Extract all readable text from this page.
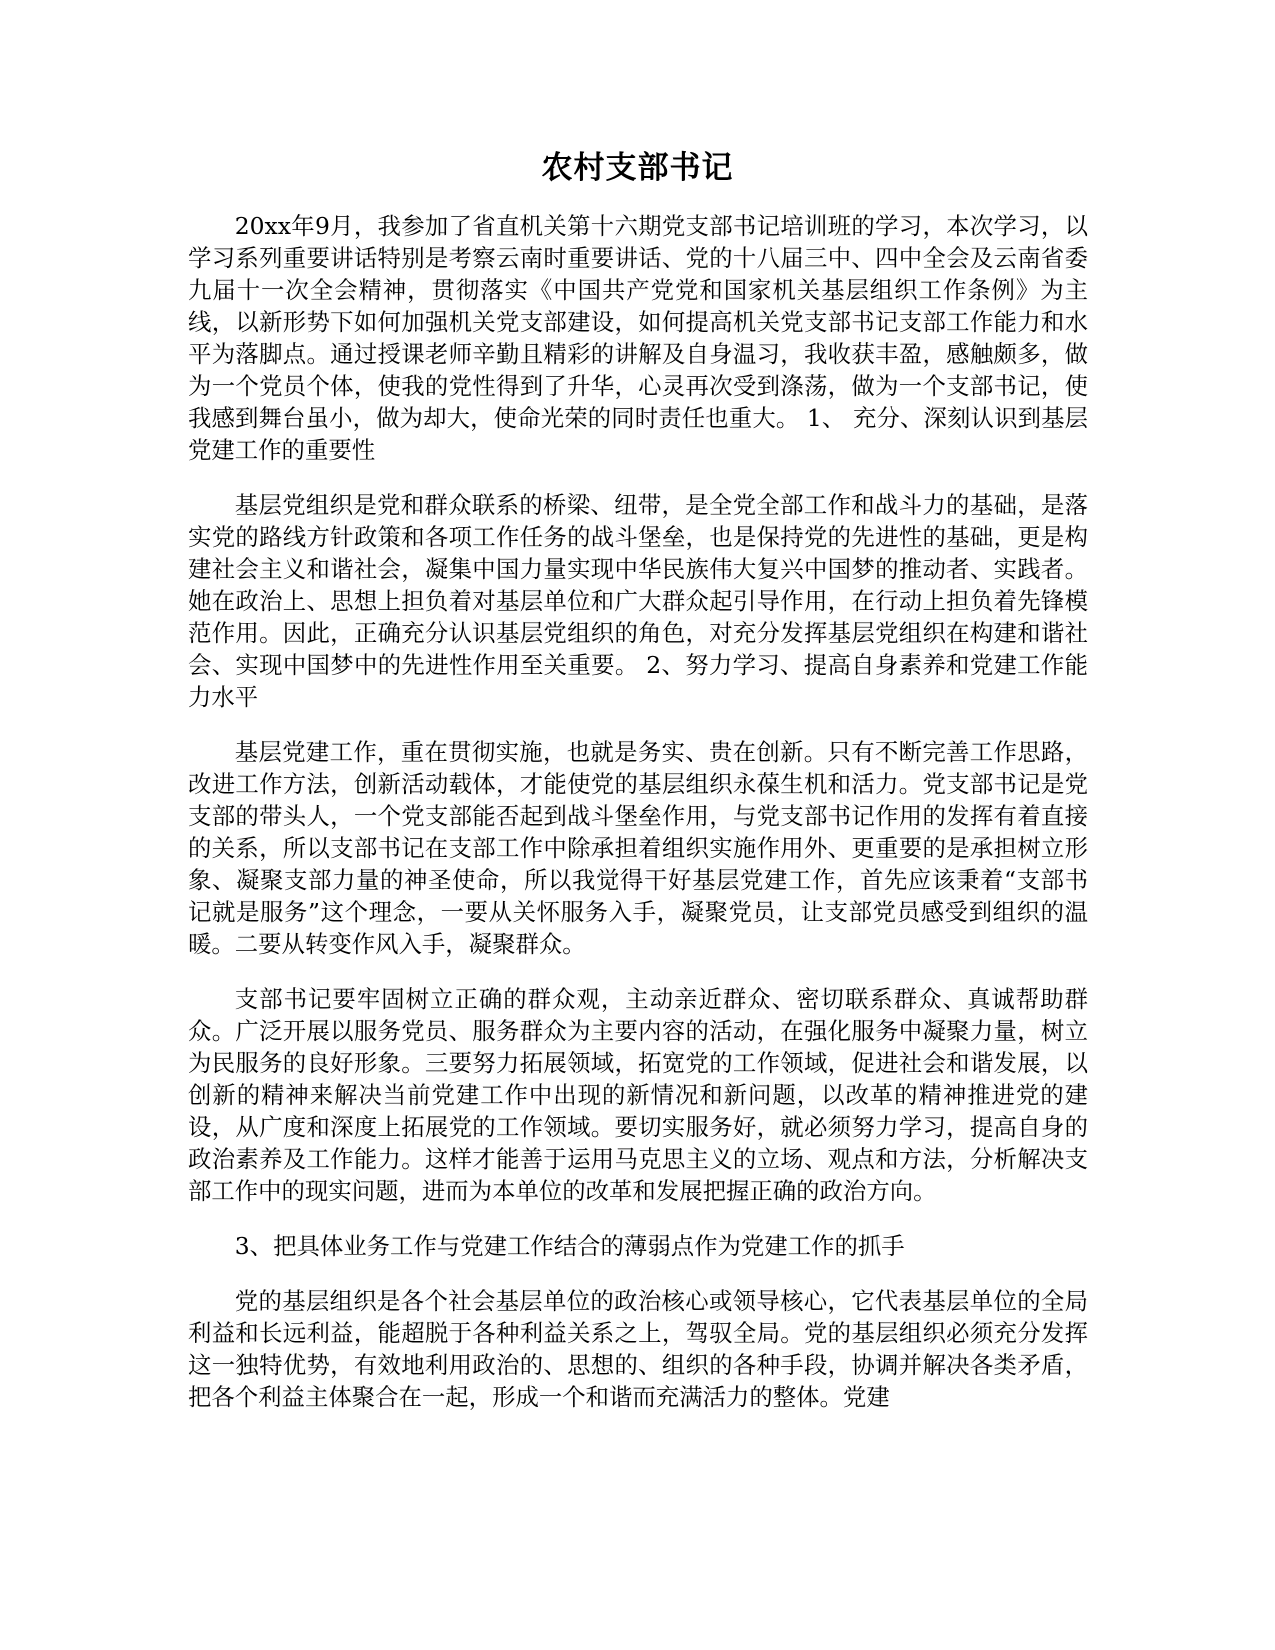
农村支部书记

20xx年9月，我参加了省直机关第十六期党支部书记培训班的学习，本次学习，以学习系列重要讲话特别是考察云南时重要讲话、党的十八届三中、四中全会及云南省委九届十一次全会精神，贯彻落实《中国共产党党和国家机关基层组织工作条例》为主线，以新形势下如何加强机关党支部建设，如何提高机关党支部书记支部工作能力和水平为落脚点。通过授课老师辛勤且精彩的讲解及自身温习，我收获丰盈，感触颇多，做为一个党员个体，使我的党性得到了升华，心灵再次受到涤荡，做为一个支部书记，使我感到舞台虽小，做为却大，使命光荣的同时责任也重大。 1、 充分、深刻认识到基层党建工作的重要性

基层党组织是党和群众联系的桥梁、纽带，是全党全部工作和战斗力的基础，是落实党的路线方针政策和各项工作任务的战斗堡垒，也是保持党的先进性的基础，更是构建社会主义和谐社会，凝集中国力量实现中华民族伟大复兴中国梦的推动者、实践者。她在政治上、思想上担负着对基层单位和广大群众起引导作用，在行动上担负着先锋模范作用。因此，正确充分认识基层党组织的角色，对充分发挥基层党组织在构建和谐社会、实现中国梦中的先进性作用至关重要。 2、努力学习、提高自身素养和党建工作能力水平

基层党建工作，重在贯彻实施，也就是务实、贵在创新。只有不断完善工作思路，改进工作方法，创新活动载体，才能使党的基层组织永葆生机和活力。党支部书记是党支部的带头人，一个党支部能否起到战斗堡垒作用，与党支部书记作用的发挥有着直接的关系，所以支部书记在支部工作中除承担着组织实施作用外、更重要的是承担树立形象、凝聚支部力量的神圣使命，所以我觉得干好基层党建工作，首先应该秉着“支部书记就是服务”这个理念，一要从关怀服务入手，凝聚党员，让支部党员感受到组织的温暖。二要从转变作风入手，凝聚群众。

支部书记要牢固树立正确的群众观，主动亲近群众、密切联系群众、真诚帮助群众。广泛开展以服务党员、服务群众为主要内容的活动，在强化服务中凝聚力量，树立为民服务的良好形象。三要努力拓展领域，拓宽党的工作领域，促进社会和谐发展，以创新的精神来解决当前党建工作中出现的新情况和新问题，以改革的精神推进党的建设，从广度和深度上拓展党的工作领域。要切实服务好，就必须努力学习，提高自身的政治素养及工作能力。这样才能善于运用马克思主义的立场、观点和方法，分析解决支部工作中的现实问题，进而为本单位的改革和发展把握正确的政治方向。

3、把具体业务工作与党建工作结合的薄弱点作为党建工作的抓手

党的基层组织是各个社会基层单位的政治核心或领导核心，它代表基层单位的全局利益和长远利益，能超脱于各种利益关系之上，驾驭全局。党的基层组织必须充分发挥这一独特优势，有效地利用政治的、思想的、组织的各种手段，协调并解决各类矛盾，把各个利益主体聚合在一起，形成一个和谐而充满活力的整体。党建
